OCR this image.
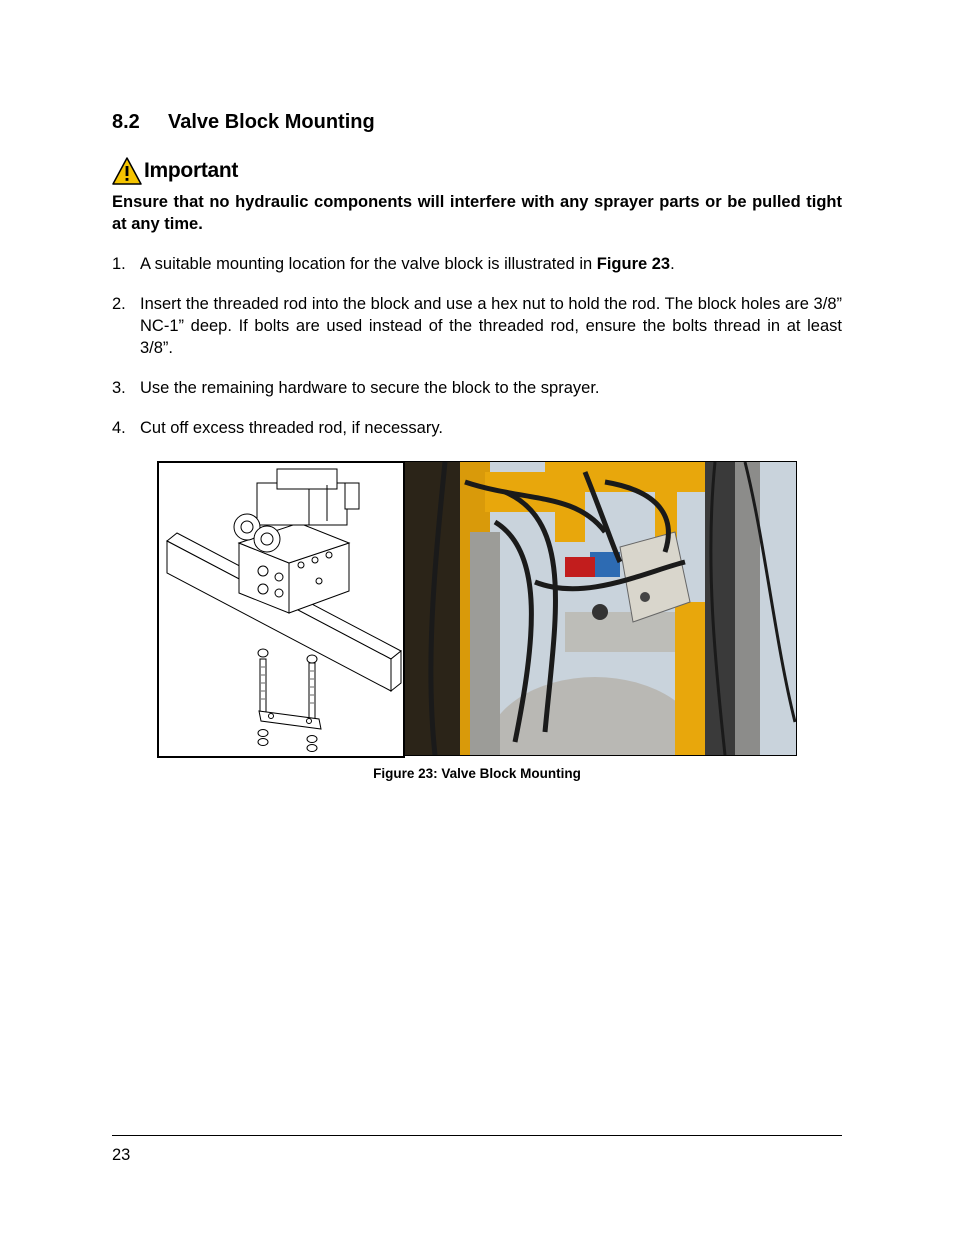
8.2 Valve Block Mounting
Important
Ensure that no hydraulic components will interfere with any sprayer parts or be pulled tight at any time.
1. A suitable mounting location for the valve block is illustrated in Figure 23.
2. Insert the threaded rod into the block and use a hex nut to hold the rod. The block holes are 3/8” NC-1” deep. If bolts are used instead of the threaded rod, ensure the bolts thread in at least 3/8”.
3. Use the remaining hardware to secure the block to the sprayer.
4. Cut off excess threaded rod, if necessary.
Figure 23: Valve Block Mounting
23
